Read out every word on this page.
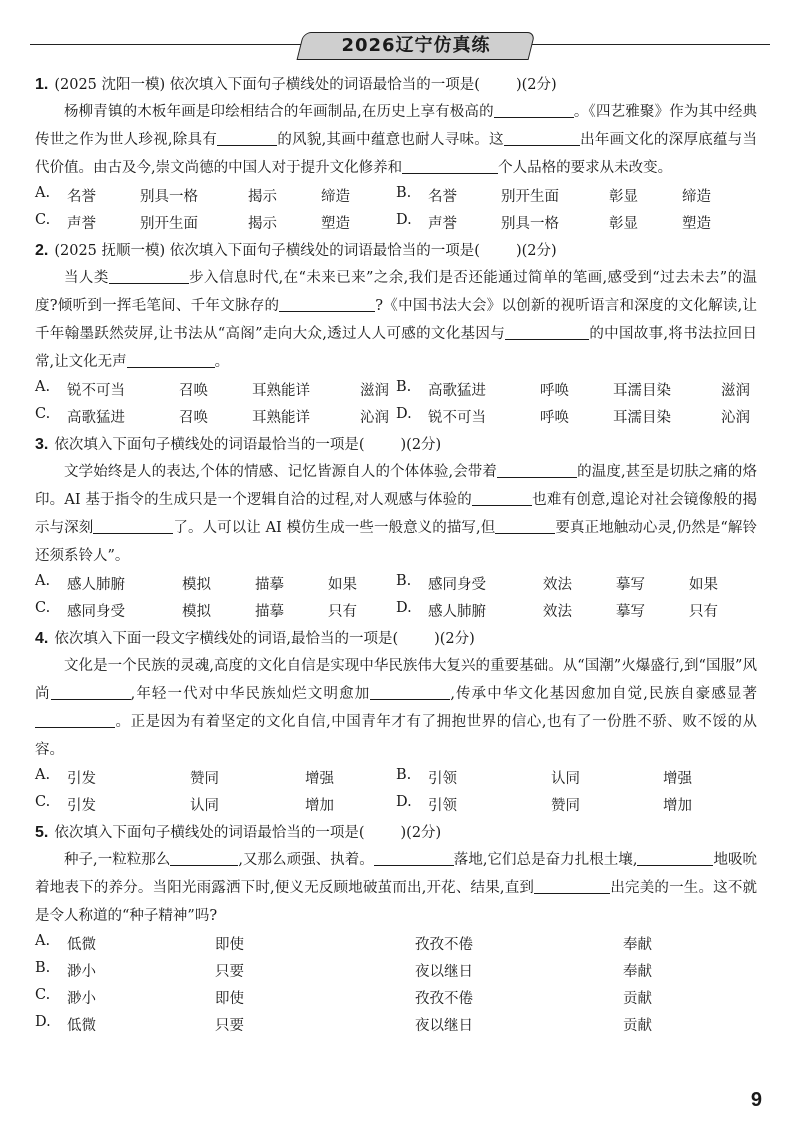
2026辽宁仿真练
1. (2025 沈阳一模) 依次填入下面句子横线处的词语最恰当的一项是( )(2分)
杨柳青镇的木板年画是印绘相结合的年画制品,在历史上享有极高的	。《四艺雅聚》作为其中经典传世之作为世人珍视,除具有	的风貌,其画中蕴意也耐人寻味。这	出年画文化的深厚底蕴与当代价值。由古及今,崇文尚德的中国人对于提升文化修养和	个人品格的要求从未改变。
A.	名誉	别具一格	揭示	缔造	B.	名誉	别开生面	彰显	缔造
C.	声誉	别开生面	揭示	塑造	D.	声誉	别具一格	彰显	塑造
2. (2025 抚顺一模) 依次填入下面句子横线处的词语最恰当的一项是( )(2分)
当人类	步入信息时代,在“未来已来”之余,我们是否还能通过简单的笔画,感受到“过去未去”的温度?倾听到一挥毛笔间、千年文脉存的	?《中国书法大会》以创新的视听语言和深度的文化解读,让千年翰墨跃然荧屏,让书法从“高阁”走向大众,透过人人可感的文化基因与	的中国故事,将书法拉回日常,让文化无声	。
A.	锐不可当	召唤	耳熟能详	滋润 B.	高歌猛进	呼唤	耳濡目染	滋润
C.	高歌猛进	召唤	耳熟能详	沁润 D.	锐不可当	呼唤	耳濡目染	沁润
3. 依次填入下面句子横线处的词语最恰当的一项是( )(2分)
文学始终是人的表达,个体的情感、记忆皆源自人的个体体验,会带着	的温度,甚至是切肤之痛的烙印。AI 基于指令的生成只是一个逻辑自洽的过程,对人观感与体验的	也难有创意,遑论对社会镜像般的揭示与深刻	了。人可以让 AI 模仿生成一些一般意义的描写,但	要真正地触动心灵,仍然是“解铃还须系铃人”。
A.	感人肺腑	模拟	描摹	如果	B.	感同身受	效法	摹写	如果
C.	感同身受	模拟	描摹	只有	D.	感人肺腑	效法	摹写	只有
4. 依次填入下面一段文字横线处的词语,最恰当的一项是( )(2分)
文化是一个民族的灵魂,高度的文化自信是实现中华民族伟大复兴的重要基础。从“国潮”火爆盛行,到“国服”风尚	,年轻一代对中华民族灿烂文明愈加	,传承中华文化基因愈加自觉,民族自豪感显著。正是因为有着坚定的文化自信,中国青年才有了拥抱世界的信心,也有了一份胜不骄、败不馁的从容。
A.	引发	赞同	增强	B.	引领	认同	增强
C.	引发	认同	增加	D.	引领	赞同	增加
5. 依次填入下面句子横线处的词语最恰当的一项是( )(2分)
种子,一粒粒那么	,又那么顽强、执着。	落地,它们总是奋力扎根土壤,	地吸吮着地表下的养分。当阳光雨露洒下时,便义无反顾地破茧而出,开花、结果,直到	出完美的一生。这不就是令人称道的“种子精神”吗?
A.	低微	即使	孜孜不倦	奉献
B.	渺小	只要	夜以继日	奉献
C.	渺小	即使	孜孜不倦	贡献
D.	低微	只要	夜以继日	贡献
9
